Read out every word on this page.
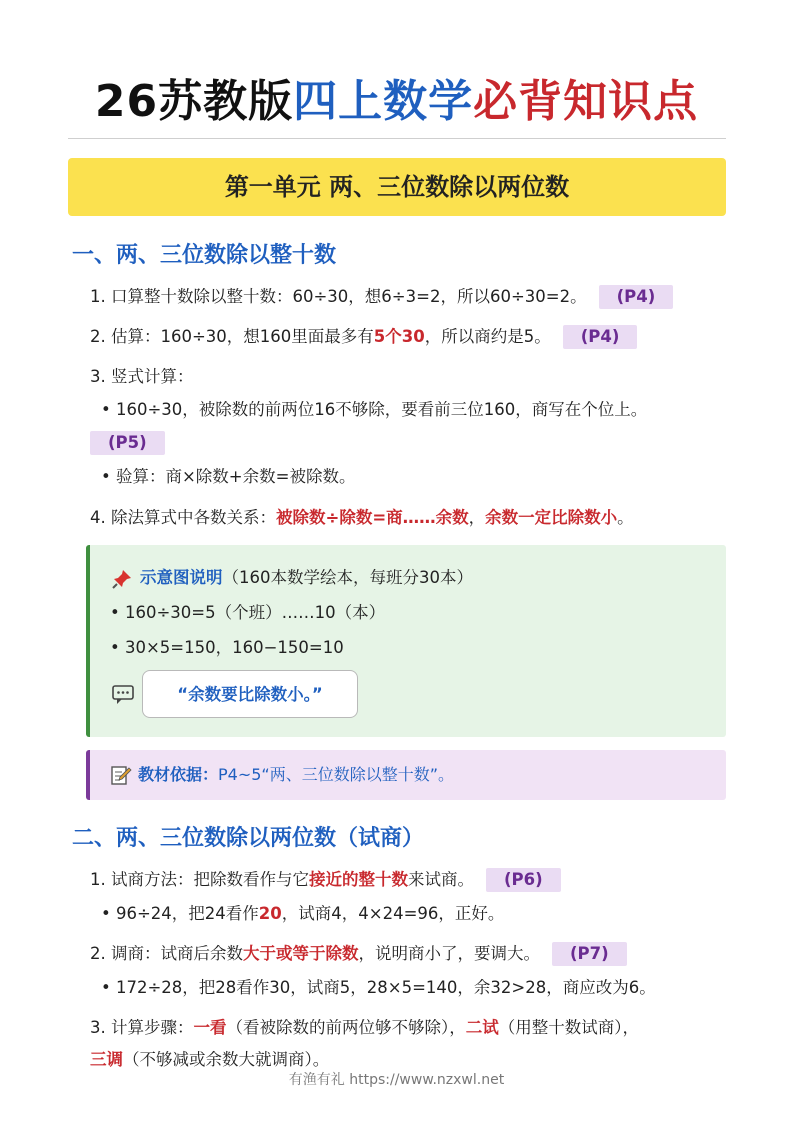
26苏教版四上数学必背知识点
第一单元 两、三位数除以两位数
一、两、三位数除以整十数
1. 口算整十数除以整十数：60÷30，想6÷3=2，所以60÷30=2。 (P4)
2. 估算：160÷30，想160里面最多有5个30，所以商约是5。 (P4)
3. 竖式计算：
• 160÷30，被除数的前两位16不够除，要看前三位160，商写在个位上。
(P5)
• 验算：商×除数+余数=被除数。
4. 除法算式中各数关系：被除数÷除数=商……余数，余数一定比除数小。
示意图说明（160本数学绘本，每班分30本）
• 160÷30=5（个班）……10（本）
• 30×5=150，160−150=10
“余数要比除数小。”
教材依据：P4~5“两、三位数除以整十数”。
二、两、三位数除以两位数（试商）
1. 试商方法：把除数看作与它接近的整十数来试商。 (P6)
• 96÷24，把24看作20，试商4，4×24=96，正好。
2. 调商：试商后余数大于或等于除数，说明商小了，要调大。 (P7)
• 172÷28，把28看作30，试商5，28×5=140，余32>28，商应改为6。
3. 计算步骤：一看（看被除数的前两位够不够除），二试（用整十数试商），
三调（不够减或余数大就调商）。
有渔有礼 https://www.nzxwl.net
